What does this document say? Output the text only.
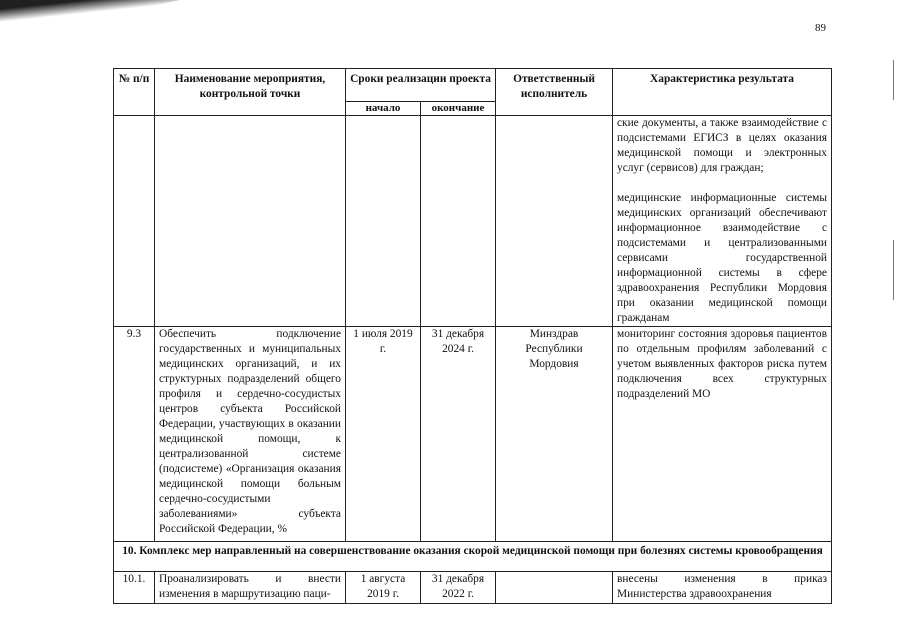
89
№ п/п	Наименование мероприятия, контрольной точки	Сроки реализации проекта		Ответственный исполнитель	Характеристика результата
		начало	окончание		

					ские документы, а также взаимодействие с подсистемами ЕГИСЗ в целях оказания медицинской помощи и электронных услуг (сервисов) для граждан;
медицинские информационные системы медицинских организаций обеспечивают информационное взаимодействие с подсистемами и централизованными сервисами государственной информационной системы в сфере здравоохранения Республики Мордовия при оказании медицинской помощи гражданам

9.3	Обеспечить подключение государственных и муниципальных медицинских организаций, и их структурных подразделений общего профиля и сердечно-сосудистых центров субъекта Российской Федерации, участвующих в оказании медицинской помощи, к централизованной системе (подсистеме) «Организация оказания медицинской помощи больным сердечно-сосудистыми заболеваниями» субъекта Российской Федерации, %	1 июля 2019 г.	31 декабря 2024 г.	Минздрав Республики Мордовия	мониторинг состояния здоровья пациентов по отдельным профилям заболеваний с учетом выявленных факторов риска путем подключения всех структурных подразделений МО

10. Комплекс мер направленный на совершенствование оказания скорой медицинской помощи при болезнях системы кровообращения					
10.1.	Проанализировать и внести изменения в маршрутизацию паци-	1 августа 2019 г.	31 декабря 2022 г.		внесены изменения в приказ Министерства здравоохранения
